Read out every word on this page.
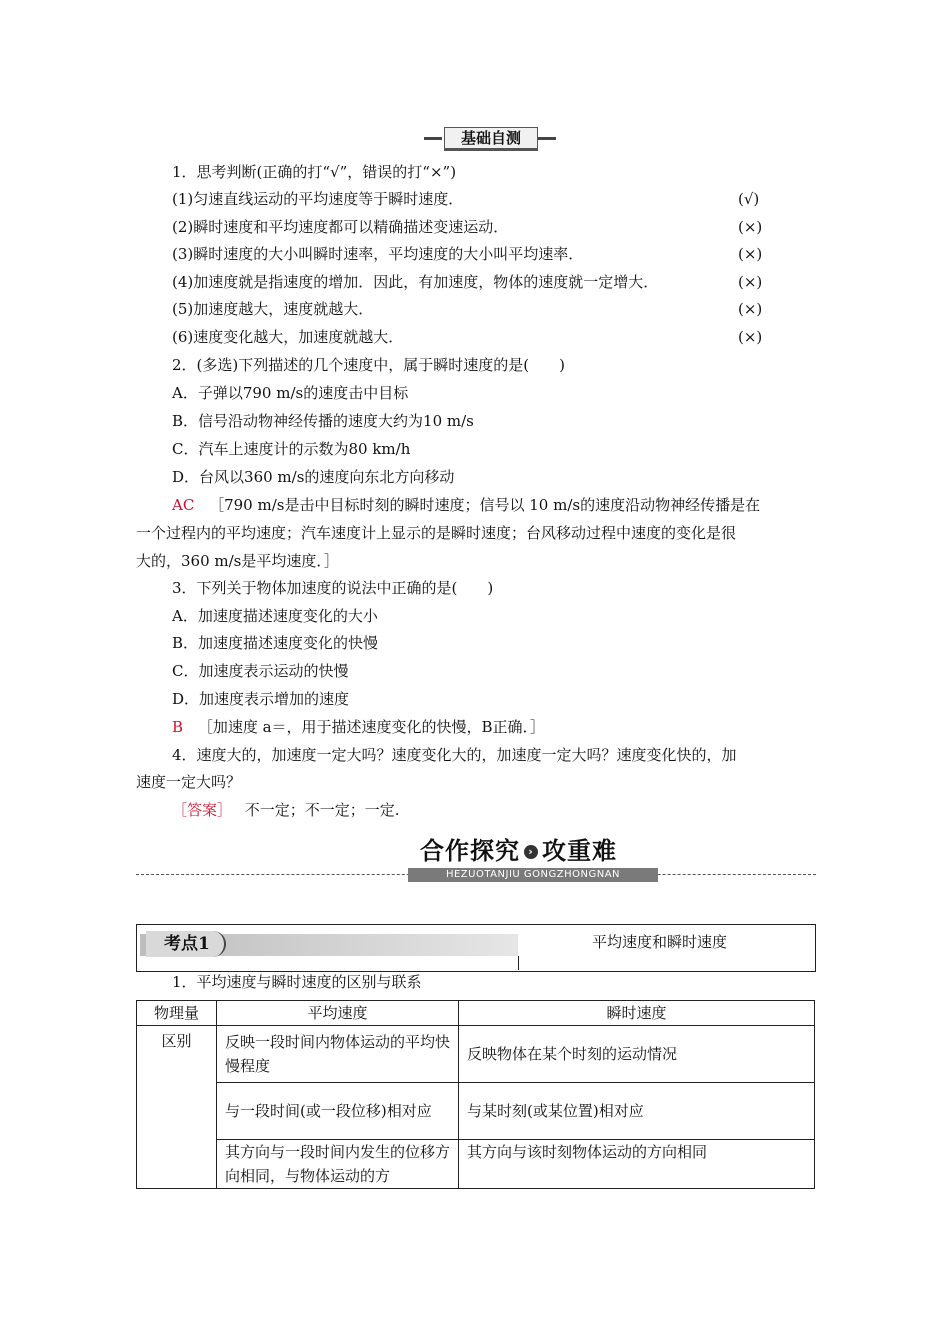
基础自测
1．思考判断(正确的打“√”，错误的打“×”)
(1)匀速直线运动的平均速度等于瞬时速度．	(√)
(2)瞬时速度和平均速度都可以精确描述变速运动．	(×)
(3)瞬时速度的大小叫瞬时速率，平均速度的大小叫平均速率．	(×)
(4)加速度就是指速度的增加．因此，有加速度，物体的速度就一定增大．	(×)
(5)加速度越大，速度就越大．	(×)
(6)速度变化越大，加速度就越大．	(×)
2．(多选)下列描述的几个速度中，属于瞬时速度的是(　　)
A．子弹以790 m/s的速度击中目标
B．信号沿动物神经传播的速度大约为10 m/s
C．汽车上速度计的示数为80 km/h
D．台风以360 m/s的速度向东北方向移动
AC ［790 m/s是击中目标时刻的瞬时速度；信号以 10 m/s的速度沿动物神经传播是在
一个过程内的平均速度；汽车速度计上显示的是瞬时速度；台风移动过程中速度的变化是很
大的，360 m/s是平均速度．］
3．下列关于物体加速度的说法中正确的是(　　)
A．加速度描述速度变化的大小
B．加速度描述速度变化的快慢
C．加速度表示运动的快慢
D．加速度表示增加的速度
B ［加速度 a＝，用于描述速度变化的快慢，B正确．］
4．速度大的，加速度一定大吗？速度变化大的，加速度一定大吗？速度变化快的，加
速度一定大吗？
［答案］ 不一定；不一定；一定.
合作探究 › 攻重难
HEZUOTANJIU GONGZHONGNAN
考点1	平均速度和瞬时速度
1．平均速度与瞬时速度的区别与联系
物理量	平均速度	瞬时速度
区别	反映一段时间内物体运动的平均快慢程度	反映物体在某个时刻的运动情况
	与一段时间(或一段位移)相对应	与某时刻(或某位置)相对应
	其方向与一段时间内发生的位移方向相同，与物体运动的方	其方向与该时刻物体运动的方向相同
